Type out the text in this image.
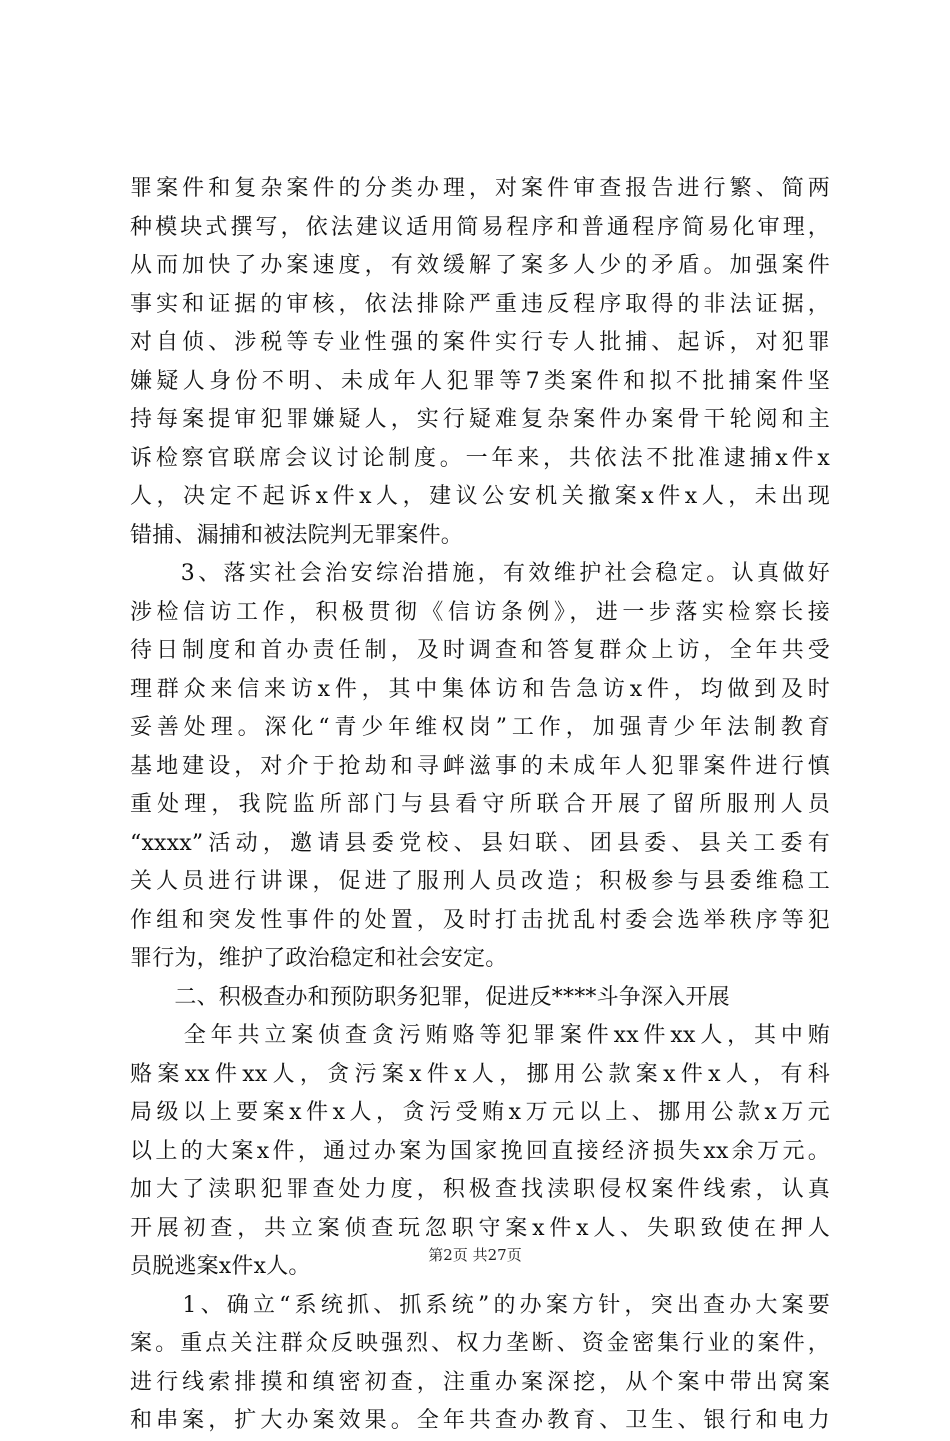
罪案件和复杂案件的分类办理，对案件审查报告进行繁、简两
种模块式撰写，依法建议适用简易程序和普通程序简易化审理，
从而加快了办案速度，有效缓解了案多人少的矛盾。加强案件
事实和证据的审核，依法排除严重违反程序取得的非法证据，
对自侦、涉税等专业性强的案件实行专人批捕、起诉，对犯罪
嫌疑人身份不明、未成年人犯罪等7类案件和拟不批捕案件坚
持每案提审犯罪嫌疑人，实行疑难复杂案件办案骨干轮阅和主
诉检察官联席会议讨论制度。一年来，共依法不批准逮捕x件x
人，决定不起诉x件x人，建议公安机关撤案x件x人，未出现
错捕、漏捕和被法院判无罪案件。
　　3、落实社会治安综治措施，有效维护社会稳定。认真做好
涉检信访工作，积极贯彻《信访条例》，进一步落实检察长接
待日制度和首办责任制，及时调查和答复群众上访，全年共受
理群众来信来访x件，其中集体访和告急访x件，均做到及时
妥善处理。深化“青少年维权岗”工作，加强青少年法制教育
基地建设，对介于抢劫和寻衅滋事的未成年人犯罪案件进行慎
重处理，我院监所部门与县看守所联合开展了留所服刑人员
“xxxx”活动，邀请县委党校、县妇联、团县委、县关工委有
关人员进行讲课，促进了服刑人员改造；积极参与县委维稳工
作组和突发性事件的处置，及时打击扰乱村委会选举秩序等犯
罪行为，维护了政治稳定和社会安定。
　　二、积极查办和预防职务犯罪，促进反****斗争深入开展
　　全年共立案侦查贪污贿赂等犯罪案件xx件xx人，其中贿
赂案xx件xx人，贪污案x件x人，挪用公款案x件x人，有科
局级以上要案x件x人，贪污受贿x万元以上、挪用公款x万元
以上的大案x件，通过办案为国家挽回直接经济损失xx余万元。
加大了渎职犯罪查处力度，积极查找渎职侵权案件线索，认真
开展初查，共立案侦查玩忽职守案x件x人、失职致使在押人
员脱逃案x件x人。
　　1、确立“系统抓、抓系统”的办案方针，突出查办大案要
案。重点关注群众反映强烈、权力垄断、资金密集行业的案件，
进行线索排摸和缜密初查，注重办案深挖，从个案中带出窝案
和串案，扩大办案效果。全年共查办教育、卫生、银行和电力
第2页 共27页
